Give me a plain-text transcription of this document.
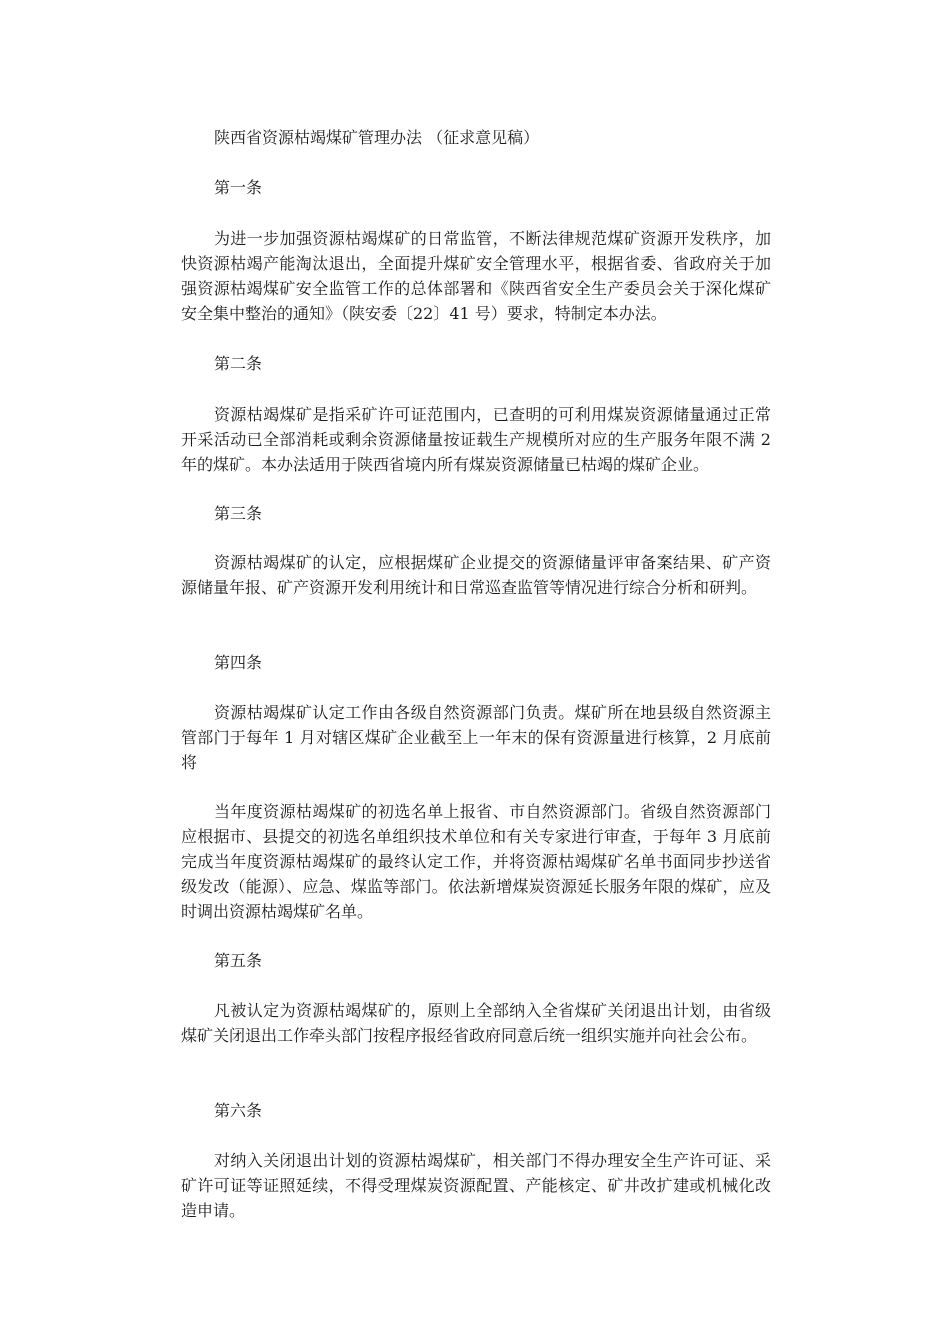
陕西省资源枯竭煤矿管理办法 （征求意见稿）

第一条

为进一步加强资源枯竭煤矿的日常监管，不断法律规范煤矿资源开发秩序，加快资源枯竭产能淘汰退出，全面提升煤矿安全管理水平，根据省委、省政府关于加强资源枯竭煤矿安全监管工作的总体部署和《陕西省安全生产委员会关于深化煤矿安全集中整治的通知》（陕安委〔22〕41 号）要求，特制定本办法。

第二条

资源枯竭煤矿是指采矿许可证范围内，已查明的可利用煤炭资源储量通过正常开采活动已全部消耗或剩余资源储量按证载生产规模所对应的生产服务年限不满 2 年的煤矿。本办法适用于陕西省境内所有煤炭资源储量已枯竭的煤矿企业。

第三条

资源枯竭煤矿的认定，应根据煤矿企业提交的资源储量评审备案结果、矿产资源储量年报、矿产资源开发利用统计和日常巡查监管等情况进行综合分析和研判。

第四条

资源枯竭煤矿认定工作由各级自然资源部门负责。煤矿所在地县级自然资源主管部门于每年 1 月对辖区煤矿企业截至上一年末的保有资源量进行核算，2 月底前将

当年度资源枯竭煤矿的初选名单上报省、市自然资源部门。省级自然资源部门应根据市、县提交的初选名单组织技术单位和有关专家进行审查，于每年 3 月底前完成当年度资源枯竭煤矿的最终认定工作，并将资源枯竭煤矿名单书面同步抄送省级发改（能源）、应急、煤监等部门。依法新增煤炭资源延长服务年限的煤矿，应及时调出资源枯竭煤矿名单。

第五条

凡被认定为资源枯竭煤矿的，原则上全部纳入全省煤矿关闭退出计划，由省级煤矿关闭退出工作牵头部门按程序报经省政府同意后统一组织实施并向社会公布。

第六条

对纳入关闭退出计划的资源枯竭煤矿，相关部门不得办理安全生产许可证、采矿许可证等证照延续，不得受理煤炭资源配置、产能核定、矿井改扩建或机械化改造申请。
